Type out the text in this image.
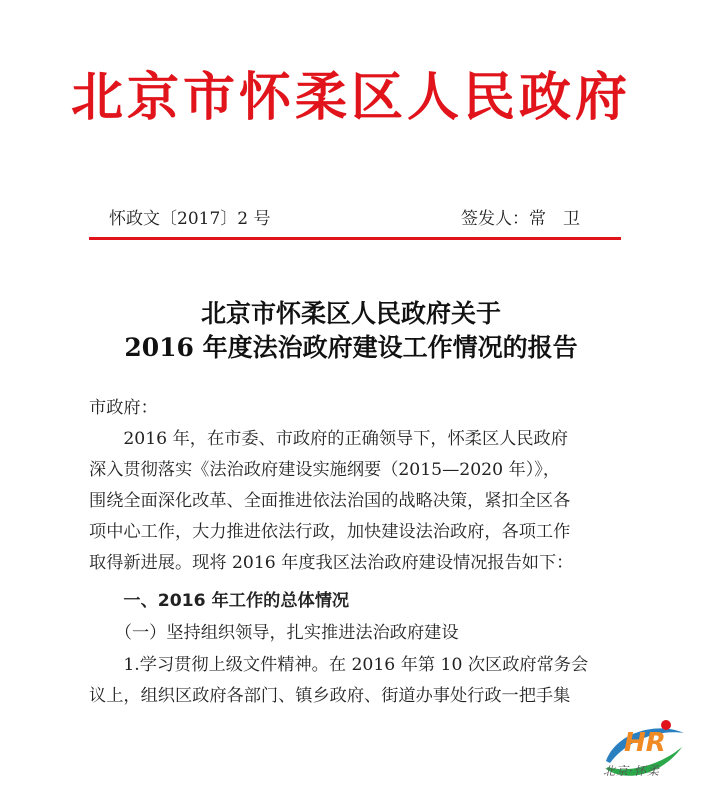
北京市怀柔区人民政府
怀政文〔2017〕2 号	签发人：常　卫
北京市怀柔区人民政府关于
2016 年度法治政府建设工作情况的报告
市政府：
　　2016 年，在市委、市政府的正确领导下，怀柔区人民政府
深入贯彻落实《法治政府建设实施纲要（2015—2020 年）》，
围绕全面深化改革、全面推进依法治国的战略决策，紧扣全区各
项中心工作，大力推进依法行政，加快建设法治政府，各项工作
取得新进展。现将 2016 年度我区法治政府建设情况报告如下：
　　一、2016 年工作的总体情况
　　（一）坚持组织领导，扎实推进法治政府建设
　　1.学习贯彻上级文件精神。在 2016 年第 10 次区政府常务会
议上，组织区政府各部门、镇乡政府、街道办事处行政一把手集
HR
北京·怀柔
